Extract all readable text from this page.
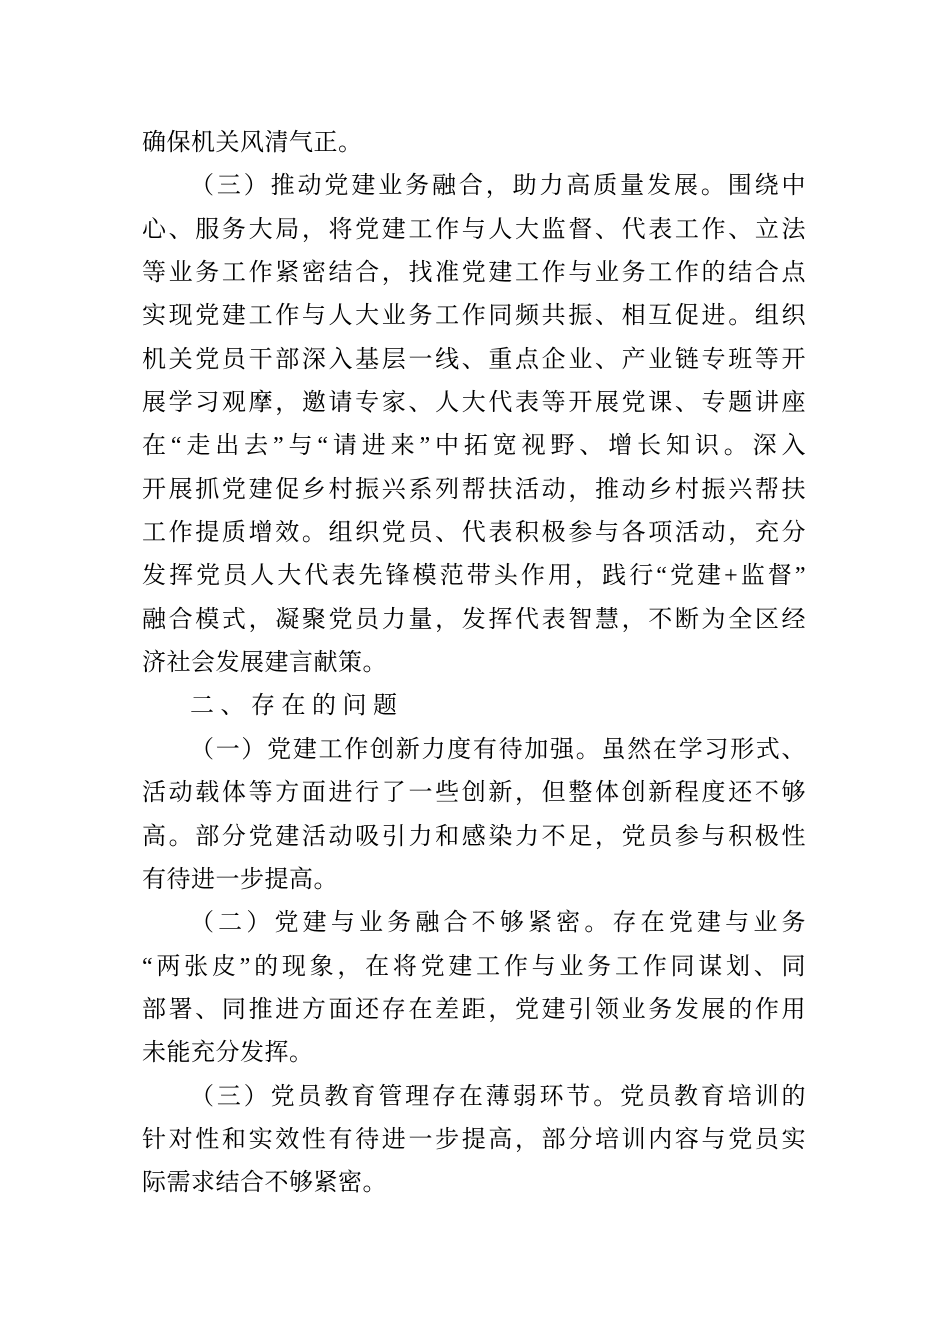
确保机关风清气正。
（三）推动党建业务融合，助力高质量发展。围绕中
心、服务大局，将党建工作与人大监督、代表工作、立法
等业务工作紧密结合，找准党建工作与业务工作的结合点
实现党建工作与人大业务工作同频共振、相互促进。组织
机关党员干部深入基层一线、重点企业、产业链专班等开
展学习观摩，邀请专家、人大代表等开展党课、专题讲座
在“走出去”与“请进来”中拓宽视野、增长知识。深入
开展抓党建促乡村振兴系列帮扶活动，推动乡村振兴帮扶
工作提质增效。组织党员、代表积极参与各项活动，充分
发挥党员人大代表先锋模范带头作用，践行“党建+监督”
融合模式，凝聚党员力量，发挥代表智慧，不断为全区经
济社会发展建言献策。
二、存在的问题
（一）党建工作创新力度有待加强。虽然在学习形式、
活动载体等方面进行了一些创新，但整体创新程度还不够
高。部分党建活动吸引力和感染力不足，党员参与积极性
有待进一步提高。
（二）党建与业务融合不够紧密。存在党建与业务
“两张皮”的现象，在将党建工作与业务工作同谋划、同
部署、同推进方面还存在差距，党建引领业务发展的作用
未能充分发挥。
（三）党员教育管理存在薄弱环节。党员教育培训的
针对性和实效性有待进一步提高，部分培训内容与党员实
际需求结合不够紧密。
